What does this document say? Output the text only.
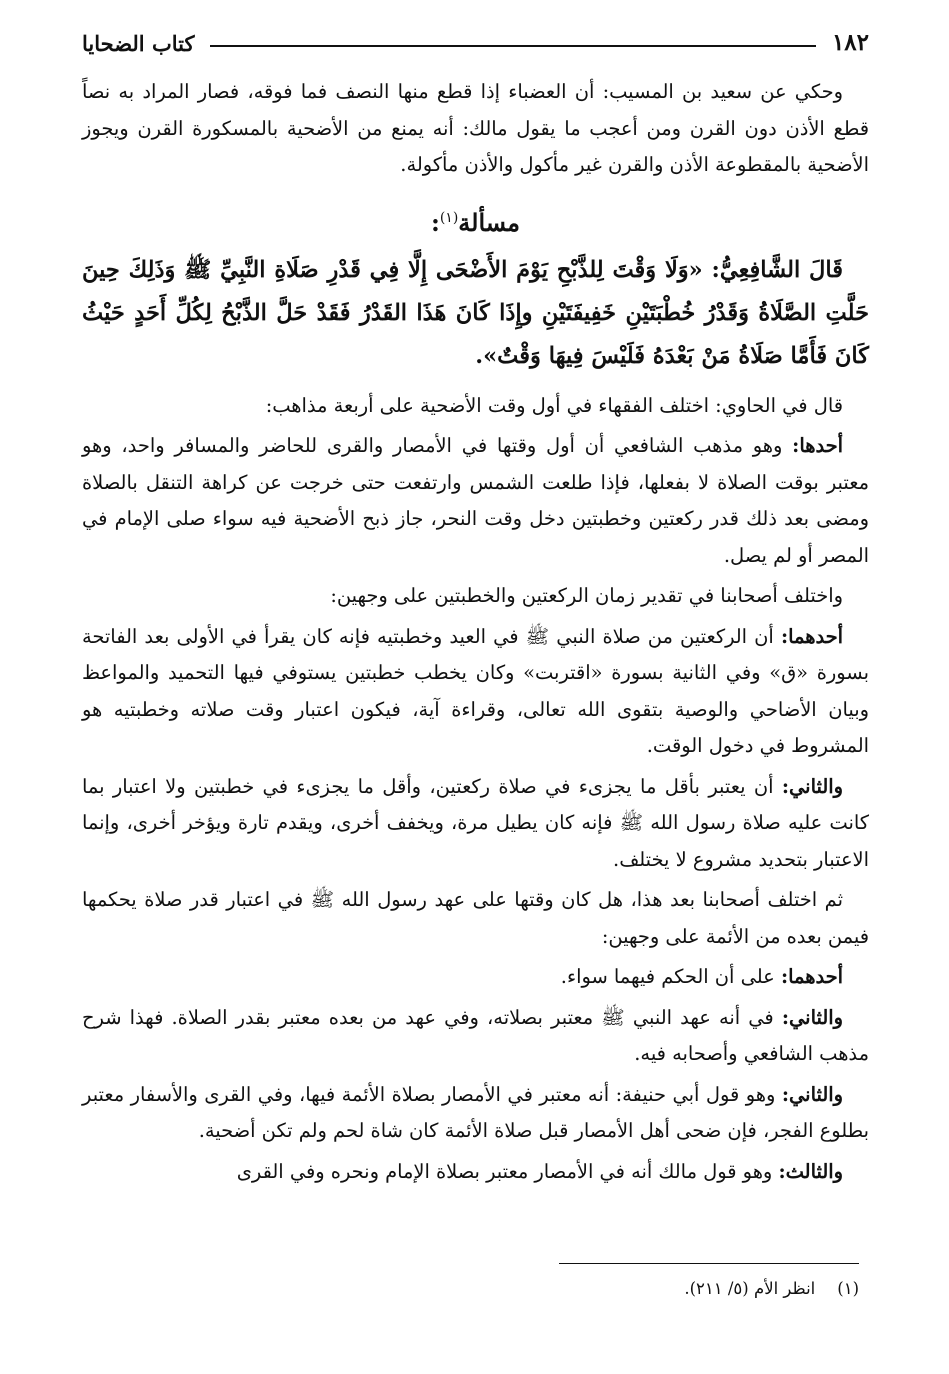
١٨٢
كتاب الضحايا

وحكي عن سعيد بن المسيب: أن العضباء إذا قطع منها النصف فما فوقه، فصار المراد به نصاً قطع الأذن دون القرن ومن أعجب ما يقول مالك: أنه يمنع من الأضحية بالمسكورة القرن ويجوز الأضحية بالمقطوعة الأذن والقرن غير مأكول والأذن مأكولة.

مسألة$^{(١)}$:

قَالَ الشَّافِعِيُّ: «وَلَا وَقْتَ لِلذَّبْحِ يَوْمَ الأَضْحَى إِلَّا فِي قَدْرِ صَلَاةِ النَّبِيِّ ﷺ وَذَلِكَ حِينَ حَلَّتِ الصَّلَاةُ وَقَدْرُ خُطْبَتَيْنِ خَفِيفَتَيْنِ وإِذَا كَانَ هَذَا القَدْرُ فَقَدْ حَلَّ الذَّبْحُ لِكُلِّ أَحَدٍ حَيْثُ كَانَ فَأَمَّا صَلَاةُ مَنْ بَعْدَهُ فَلَيْسَ فِيهَا وَقْتٌ».

قال في الحاوي: اختلف الفقهاء في أول وقت الأضحية على أربعة مذاهب:

أحدها: وهو مذهب الشافعي أن أول وقتها في الأمصار والقرى للحاضر والمسافر واحد، وهو معتبر بوقت الصلاة لا بفعلها، فإذا طلعت الشمس وارتفعت حتى خرجت عن كراهة التنقل بالصلاة ومضى بعد ذلك قدر ركعتين وخطبتين دخل وقت النحر، جاز ذبح الأضحية فيه سواء صلى الإمام في المصر أو لم يصل.

واختلف أصحابنا في تقدير زمان الركعتين والخطبتين على وجهين:

أحدهما: أن الركعتين من صلاة النبي ﷺ في العيد وخطبتيه فإنه كان يقرأ في الأولى بعد الفاتحة بسورة «ق» وفي الثانية بسورة «اقتربت» وكان يخطب خطبتين يستوفي فيها التحميد والمواعظ وبيان الأضاحي والوصية بتقوى الله تعالى، وقراءة آية، فيكون اعتبار وقت صلاته وخطبتيه هو المشروط في دخول الوقت.

والثاني: أن يعتبر بأقل ما يجزىء في صلاة ركعتين، وأقل ما يجزىء في خطبتين ولا اعتبار بما كانت عليه صلاة رسول الله ﷺ فإنه كان يطيل مرة، ويخفف أخرى، ويقدم تارة ويؤخر أخرى، وإنما الاعتبار بتحديد مشروع لا يختلف.

ثم اختلف أصحابنا بعد هذا، هل كان وقتها على عهد رسول الله ﷺ في اعتبار قدر صلاة يحكمها فيمن بعده من الأئمة على وجهين:

أحدهما: على أن الحكم فيهما سواء.

والثاني: في أنه عهد النبي ﷺ معتبر بصلاته، وفي عهد من بعده معتبر بقدر الصلاة. فهذا شرح مذهب الشافعي وأصحابه فيه.

والثاني: وهو قول أبي حنيفة: أنه معتبر في الأمصار بصلاة الأئمة فيها، وفي القرى والأسفار معتبر بطلوع الفجر، فإن ضحى أهل الأمصار قبل صلاة الأئمة كان شاة لحم ولم تكن أضحية.

والثالث: وهو قول مالك أنه في الأمصار معتبر بصلاة الإمام ونحره وفي القرى

(١)انظر الأم (٥/ ٢١١).
